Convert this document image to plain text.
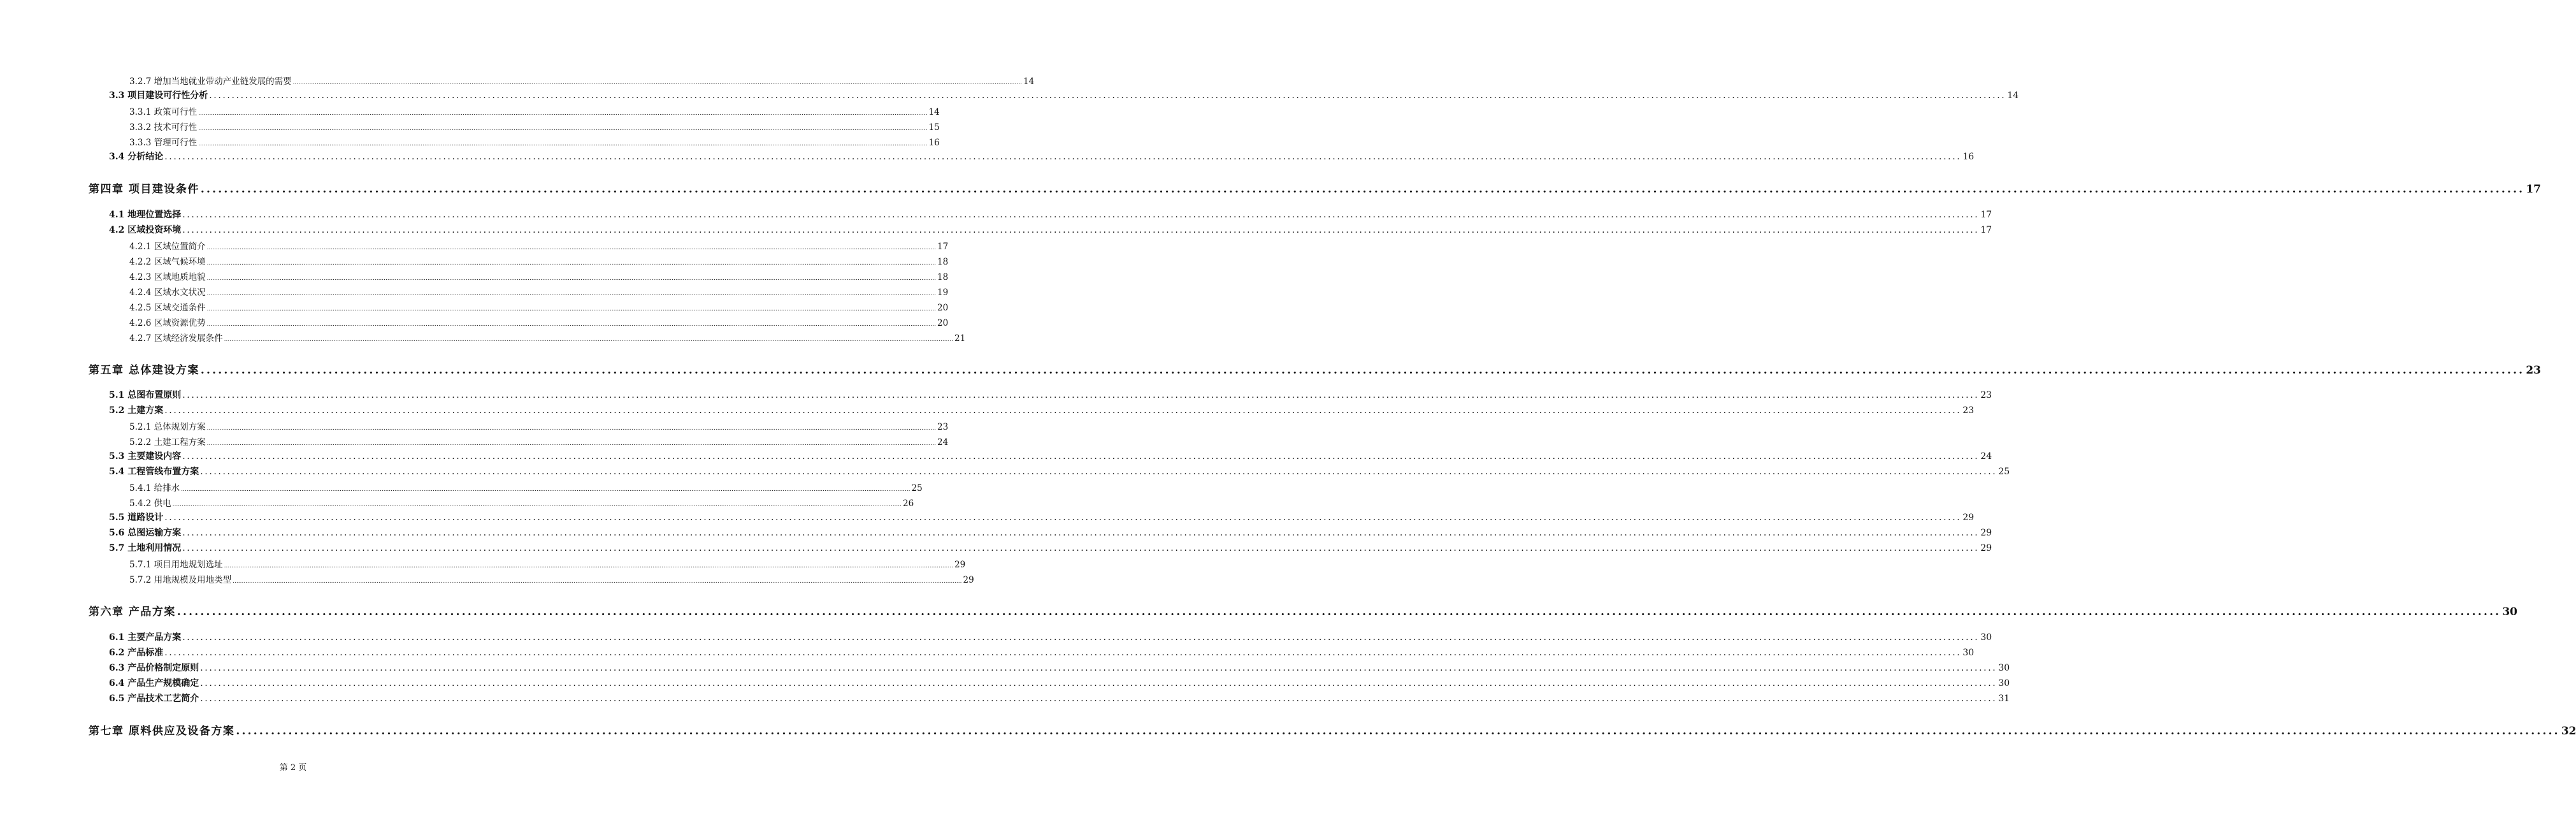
3.2.7 增加当地就业带动产业链发展的需要 ................................................................................................................................................................................................................................................................................................................................................................................................................ 14
3.3 项目建设可行性分析 ................................................................................................................................................................................................................................................................................................................................................................................................................ 14
3.3.1 政策可行性 ................................................................................................................................................................................................................................................................................................................................................................................................................ 14
3.3.2 技术可行性 ................................................................................................................................................................................................................................................................................................................................................................................................................ 15
3.3.3 管理可行性 ................................................................................................................................................................................................................................................................................................................................................................................................................ 16
3.4 分析结论 ................................................................................................................................................................................................................................................................................................................................................................................................................ 16
第四章 项目建设条件 ................................................................................................................................................................................................................................................................................................................................................................................................................ 17
4.1 地理位置选择 ................................................................................................................................................................................................................................................................................................................................................................................................................ 17
4.2 区域投资环境 ................................................................................................................................................................................................................................................................................................................................................................................................................ 17
4.2.1 区域位置简介 ................................................................................................................................................................................................................................................................................................................................................................................................................ 17
4.2.2 区域气候环境 ................................................................................................................................................................................................................................................................................................................................................................................................................ 18
4.2.3 区域地质地貌 ................................................................................................................................................................................................................................................................................................................................................................................................................ 18
4.2.4 区域水文状况 ................................................................................................................................................................................................................................................................................................................................................................................................................ 19
4.2.5 区域交通条件 ................................................................................................................................................................................................................................................................................................................................................................................................................ 20
4.2.6 区域资源优势 ................................................................................................................................................................................................................................................................................................................................................................................................................ 20
4.2.7 区域经济发展条件 ................................................................................................................................................................................................................................................................................................................................................................................................................ 21
第五章 总体建设方案 ................................................................................................................................................................................................................................................................................................................................................................................................................ 23
5.1 总图布置原则 ................................................................................................................................................................................................................................................................................................................................................................................................................ 23
5.2 土建方案 ................................................................................................................................................................................................................................................................................................................................................................................................................ 23
5.2.1 总体规划方案 ................................................................................................................................................................................................................................................................................................................................................................................................................ 23
5.2.2 土建工程方案 ................................................................................................................................................................................................................................................................................................................................................................................................................ 24
5.3 主要建设内容 ................................................................................................................................................................................................................................................................................................................................................................................................................ 24
5.4 工程管线布置方案 ................................................................................................................................................................................................................................................................................................................................................................................................................ 25
5.4.1 给排水 ................................................................................................................................................................................................................................................................................................................................................................................................................ 25
5.4.2 供电 ................................................................................................................................................................................................................................................................................................................................................................................................................ 26
5.5 道路设计 ................................................................................................................................................................................................................................................................................................................................................................................................................ 29
5.6 总图运输方案 ................................................................................................................................................................................................................................................................................................................................................................................................................ 29
5.7 土地利用情况 ................................................................................................................................................................................................................................................................................................................................................................................................................ 29
5.7.1 项目用地规划选址 ................................................................................................................................................................................................................................................................................................................................................................................................................ 29
5.7.2 用地规模及用地类型 ................................................................................................................................................................................................................................................................................................................................................................................................................ 29
第六章 产品方案 ................................................................................................................................................................................................................................................................................................................................................................................................................ 30
6.1 主要产品方案 ................................................................................................................................................................................................................................................................................................................................................................................................................ 30
6.2 产品标准 ................................................................................................................................................................................................................................................................................................................................................................................................................ 30
6.3 产品价格制定原则 ................................................................................................................................................................................................................................................................................................................................................................................................................ 30
6.4 产品生产规模确定 ................................................................................................................................................................................................................................................................................................................................................................................................................ 30
6.5 产品技术工艺简介 ................................................................................................................................................................................................................................................................................................................................................................................................................ 31
第七章 原料供应及设备方案 ................................................................................................................................................................................................................................................................................................................................................................................................................ 32
第 2 页
